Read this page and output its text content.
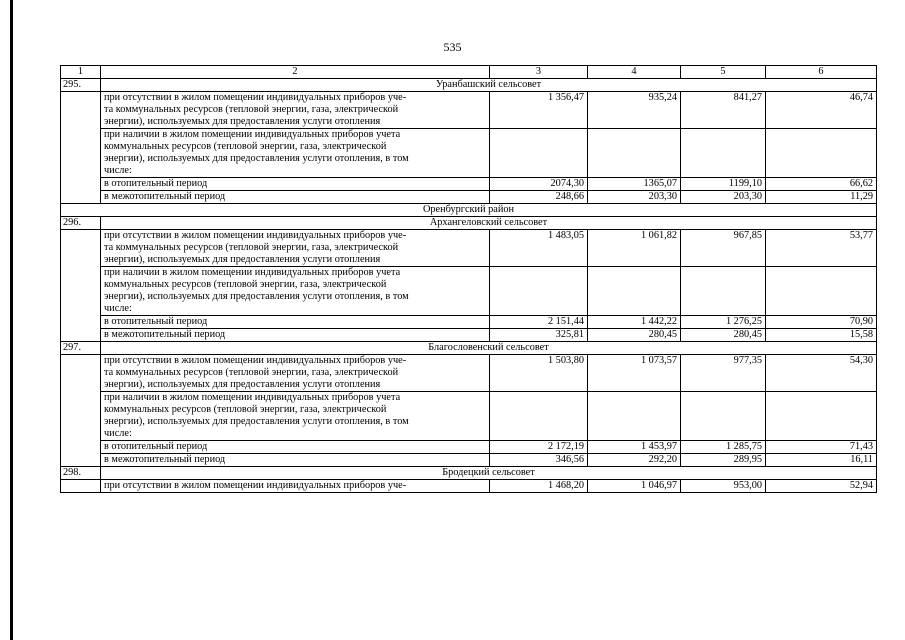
535
1	2	3	4	5	6
295.	Уранбашский сельсовет				

	при отсутствии в жилом помещении индивидуальных приборов уче-
та коммунальных ресурсов (тепловой энергии, газа, электрической
энергии), используемых для предоставления услуги отопления	1 356,47	935,24	841,27	46,74

	при наличии в жилом помещении индивидуальных приборов учета
коммунальных ресурсов (тепловой энергии, газа, электрической
энергии), используемых для предоставления услуги отопления, в том
числе:				

	в отопительный период	2074,30	1365,07	1199,10	66,62

	в межотопительный период	248,66	203,30	203,30	11,29
Оренбургский район					
296.	Архангеловский сельсовет				

	при отсутствии в жилом помещении индивидуальных приборов уче-
та коммунальных ресурсов (тепловой энергии, газа, электрической
энергии), используемых для предоставления услуги отопления	1 483,05	1 061,82	967,85	53,77

	при наличии в жилом помещении индивидуальных приборов учета
коммунальных ресурсов (тепловой энергии, газа, электрической
энергии), используемых для предоставления услуги отопления, в том
числе:				

	в отопительный период	2 151,44	1 442,22	1 276,25	70,90

	в межотопительный период	325,81	280,45	280,45	15,58
297.	Благословенский сельсовет				

	при отсутствии в жилом помещении индивидуальных приборов уче-
та коммунальных ресурсов (тепловой энергии, газа, электрической
энергии), используемых для предоставления услуги отопления	1 503,80	1 073,57	977,35	54,30

	при наличии в жилом помещении индивидуальных приборов учета
коммунальных ресурсов (тепловой энергии, газа, электрической
энергии), используемых для предоставления услуги отопления, в том
числе:				

	в отопительный период	2 172,19	1 453,97	1 285,75	71,43

	в межотопительный период	346,56	292,20	289,95	16,11
298.	Бродецкий сельсовет				

	при отсутствии в жилом помещении индивидуальных приборов уче-	1 468,20	1 046,97	953,00	52,94
